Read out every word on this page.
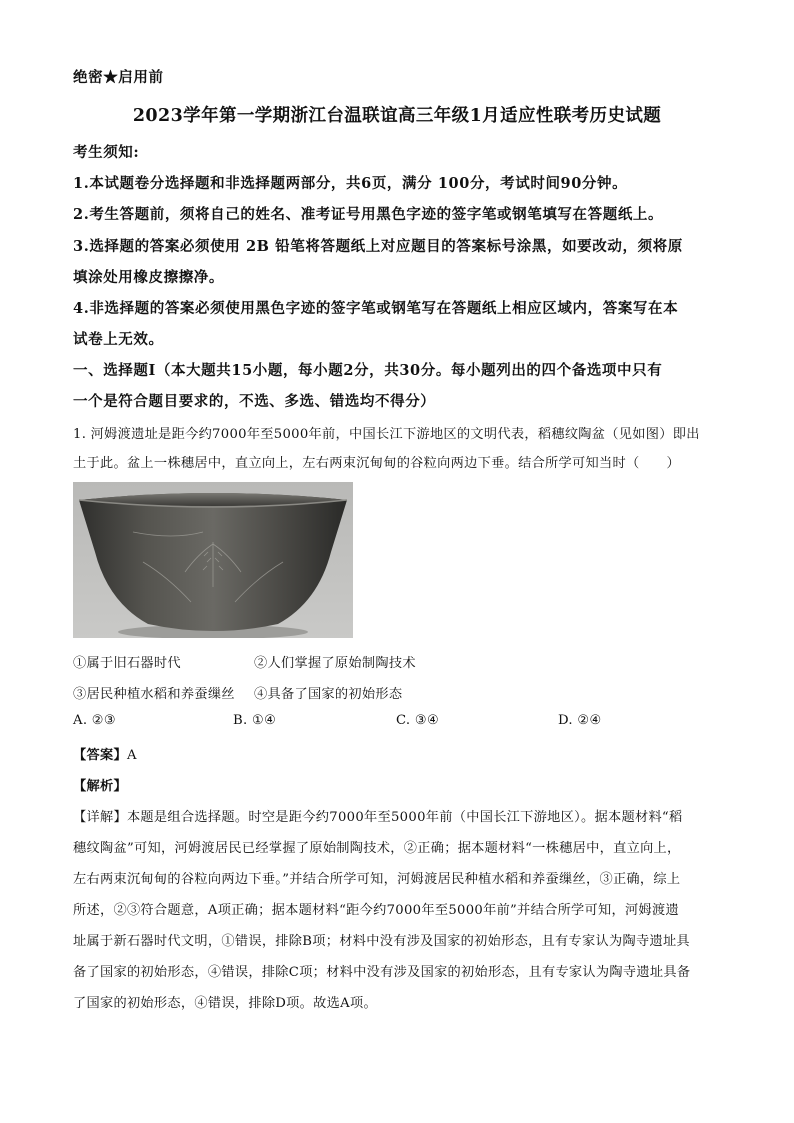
绝密★启用前
2023学年第一学期浙江台温联谊高三年级1月适应性联考历史试题
考生须知:
1.本试题卷分选择题和非选择题两部分，共6页，满分 100分，考试时间90分钟。
2.考生答题前，须将自己的姓名、准考证号用黑色字迹的签字笔或钢笔填写在答题纸上。
3.选择题的答案必须使用 2B 铅笔将答题纸上对应题目的答案标号涂黑，如要改动，须将原
填涂处用橡皮擦擦净。
4.非选择题的答案必须使用黑色字迹的签字笔或钢笔写在答题纸上相应区域内，答案写在本
试卷上无效。
一、选择题Ⅰ（本大题共15小题，每小题2分，共30分。每小题列出的四个备选项中只有
一个是符合题目要求的，不选、多选、错选均不得分）
1. 河姆渡遗址是距今约7000年至5000年前，中国长江下游地区的文明代表，稻穗纹陶盆（见如图）即出
土于此。盆上一株穗居中，直立向上，左右两束沉甸甸的谷粒向两边下垂。结合所学可知当时（　　）
①属于旧石器时代	②人们掌握了原始制陶技术
③居民种植水稻和养蚕缫丝 ④具备了国家的初始形态
A. ②③	B. ①④	C. ③④	D. ②④
【答案】A
【解析】
【详解】本题是组合选择题。时空是距今约7000年至5000年前（中国长江下游地区）。据本题材料“稻
穗纹陶盆”可知，河姆渡居民已经掌握了原始制陶技术，②正确；据本题材料“一株穗居中，直立向上，
左右两束沉甸甸的谷粒向两边下垂。”并结合所学可知，河姆渡居民种植水稻和养蚕缫丝，③正确，综上
所述，②③符合题意，A项正确；据本题材料“距今约7000年至5000年前”并结合所学可知，河姆渡遗
址属于新石器时代文明，①错误，排除B项；材料中没有涉及国家的初始形态，且有专家认为陶寺遗址具
备了国家的初始形态，④错误，排除C项；材料中没有涉及国家的初始形态，且有专家认为陶寺遗址具备
了国家的初始形态，④错误，排除D项。故选A项。
